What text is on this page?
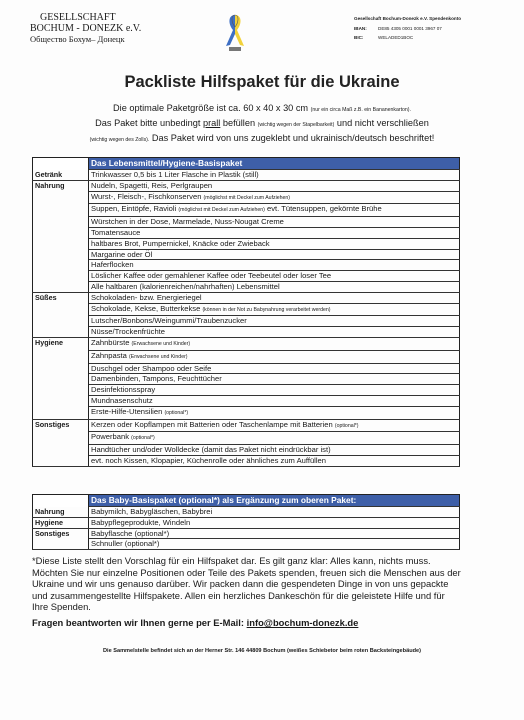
GESELLSCHAFT
BOCHUM - DONEZK e.V.
Общество Бохум– Донецк
Gesellschaft Bochum-Donezk e.V. Spendenkonto
IBAN:	DE85 4305 0001 0001 3967 07
BIC:	WELADED1BOC
Packliste Hilfspaket für die Ukraine
Die optimale Paketgröße ist ca. 60 x 40 x 30 cm (nur ein circa Maß z.B. ein Bananenkarton).
Das Paket bitte unbedingt prall befüllen (wichtig wegen der Stapelbarkeit) und nicht verschließen
(wichtig wegen des Zolls). Das Paket wird von uns zugeklebt und ukrainisch/deutsch beschriftet!
	Das Lebensmittel/Hygiene-Basispaket
Getränk	Trinkwasser 0,5 bis 1 Liter Flasche in Plastik (still)
Nahrung	Nudeln, Spagetti, Reis, Perlgraupen
	Wurst-, Fleisch-, Fischkonserven (möglichst mit Deckel zum Aufziehen)
	Suppen, Eintöpfe, Ravioli (möglichst mit Deckel zum Aufziehen) evt. Tütensuppen, gekörnte Brühe
	Würstchen in der Dose, Marmelade, Nuss-Nougat Creme
	Tomatensauce
	haltbares Brot, Pumpernickel, Knäcke oder Zwieback
	Margarine oder Öl
	Haferflocken
	Löslicher Kaffee oder gemahlener Kaffee oder Teebeutel oder loser Tee
	Alle haltbaren (kalorienreichen/nahrhaften) Lebensmittel
Süßes	Schokoladen- bzw. Energieriegel
	Schokolade, Kekse, Butterkekse (können in der Not zu Babynahrung verarbeitet werden)
	Lutscher/Bonbons/Weingummi/Traubenzucker
	Nüsse/Trockenfrüchte
Hygiene	Zahnbürste (Erwachsene und Kinder)
	Zahnpasta (Erwachsene und Kinder)
	Duschgel oder Shampoo oder Seife
	Damenbinden, Tampons, Feuchttücher
	Desinfektionsspray
	Mundnasenschutz
	Erste-Hilfe-Utensilien (optional*)
Sonstiges	Kerzen oder Kopflampen mit Batterien oder Taschenlampe mit Batterien (optional*)
	Powerbank (optional*)
	Handtücher und/oder Wolldecke (damit das Paket nicht eindrückbar ist)
	evt. noch Kissen, Klopapier, Küchenrolle oder ähnliches zum Auffüllen
	Das Baby-Basispaket (optional*) als Ergänzung zum oberen Paket:
Nahrung	Babymilch, Babygläschen, Babybrei
Hygiene	Babypflegeprodukte, Windeln
Sonstiges	Babyflasche (optional*)
	Schnuller (optional*)
*Diese Liste stellt den Vorschlag für ein Hilfspaket dar. Es gilt ganz klar: Alles kann, nichts muss. Möchten Sie nur einzelne Positionen oder Teile des Pakets spenden, freuen sich die Menschen aus der Ukraine und wir uns genauso darüber. Wir packen dann die gespendeten Dinge in von uns gepackte und zusammengestellte Hilfspakete. Allen ein herzliches Dankeschön für die geleistete Hilfe und für Ihre Spenden.
Fragen beantworten wir Ihnen gerne per E-Mail: info@bochum-donezk.de
Die Sammelstelle befindet sich an der Herner Str. 146 44809 Bochum (weißes Schiebetor beim roten Backsteingebäude)
